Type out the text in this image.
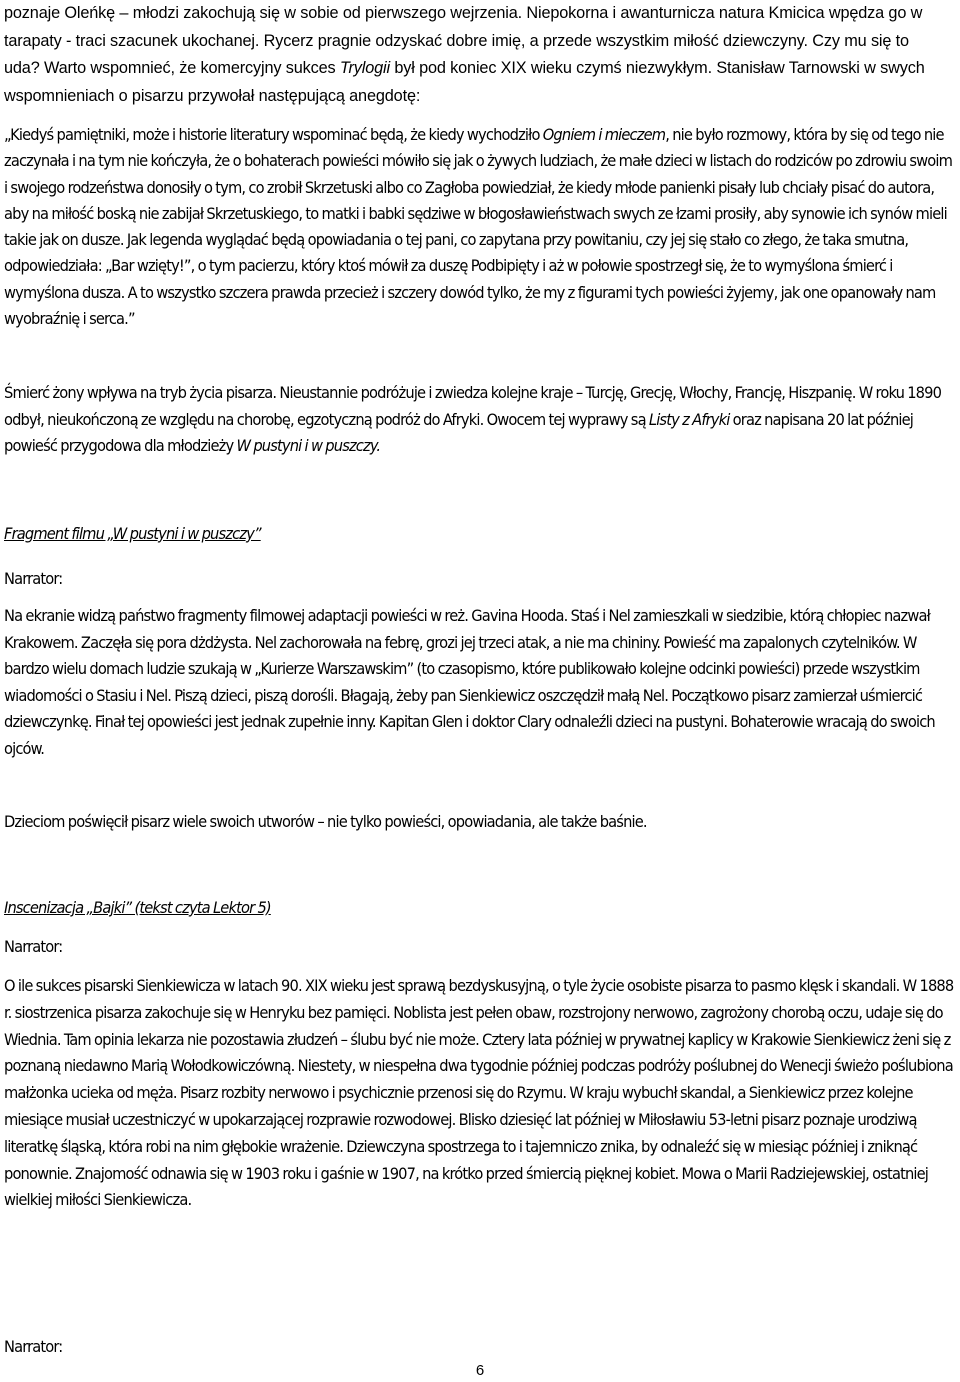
poznaje Oleńkę – młodzi zakochują się w sobie od pierwszego wejrzenia. Niepokorna i awanturnicza natura Kmicica wpędza go w tarapaty - traci szacunek ukochanej. Rycerz pragnie odzyskać dobre imię, a przede wszystkim miłość dziewczyny. Czy mu się to uda? Warto wspomnieć, że komercyjny sukces Trylogii był pod koniec XIX wieku czymś niezwykłym. Stanisław Tarnowski w swych wspomnieniach o pisarzu przywołał następującą anegdotę:

„Kiedyś pamiętniki, może i historie literatury wspominać będą, że kiedy wychodziło Ogniem i mieczem, nie było rozmowy, która by się od tego nie zaczynała i na tym nie kończyła, że o bohaterach powieści mówiło się jak o żywych ludziach, że małe dzieci w listach do rodziców po zdrowiu swoim i swojego rodzeństwa donosiły o tym, co zrobił Skrzetuski albo co Zagłoba powiedział, że kiedy młode panienki pisały lub chciały pisać do autora, aby na miłość boską nie zabijał Skrzetuskiego, to matki i babki sędziwe w błogosławieństwach swych ze łzami prosiły, aby synowie ich synów mieli takie jak on dusze. Jak legenda wyglądać będą opowiadania o tej pani, co zapytana przy powitaniu, czy jej się stało co złego, że taka smutna, odpowiedziała: „Bar wzięty!”, o tym pacierzu, który ktoś mówił za duszę Podbipięty i aż w połowie spostrzegł się, że to wymyślona śmierć i wymyślona dusza. A to wszystko szczera prawda przecież i szczery dowód tylko, że my z figurami tych powieści żyjemy, jak one opanowały nam wyobraźnię i serca.”

Śmierć żony wpływa na tryb życia pisarza. Nieustannie podróżuje i zwiedza kolejne kraje – Turcję, Grecję, Włochy, Francję, Hiszpanię. W roku 1890 odbył, nieukończoną ze względu na chorobę, egzotyczną podróż do Afryki. Owocem tej wyprawy są Listy z Afryki oraz napisana 20 lat później powieść przygodowa dla młodzieży W pustyni i w puszczy.

Fragment filmu „W pustyni i w puszczy”

Narrator:

Na ekranie widzą państwo fragmenty filmowej adaptacji powieści w reż. Gavina Hooda. Staś i Nel zamieszkali w siedzibie, którą chłopiec nazwał Krakowem. Zaczęła się pora dżdżysta. Nel zachorowała na febrę, grozi jej trzeci atak, a nie ma chininy. Powieść ma zapalonych czytelników. W bardzo wielu domach ludzie szukają w „Kurierze Warszawskim” (to czasopismo, które publikowało kolejne odcinki powieści) przede wszystkim wiadomości o Stasiu i Nel. Piszą dzieci, piszą dorośli. Błagają, żeby pan Sienkiewicz oszczędził małą Nel. Początkowo pisarz zamierzał uśmiercić dziewczynkę. Finał tej opowieści jest jednak zupełnie inny. Kapitan Glen i doktor Clary odnaleźli dzieci na pustyni. Bohaterowie wracają do swoich ojców.

Dzieciom poświęcił pisarz wiele swoich utworów – nie tylko powieści, opowiadania, ale także baśnie.

Inscenizacja „Bajki” (tekst czyta Lektor 5)

Narrator:

O ile sukces pisarski Sienkiewicza w latach 90. XIX wieku jest sprawą bezdyskusyjną, o tyle życie osobiste pisarza to pasmo klęsk i skandali. W 1888 r. siostrzenica pisarza zakochuje się w Henryku bez pamięci. Noblista jest pełen obaw, rozstrojony nerwowo, zagrożony chorobą oczu, udaje się do Wiednia. Tam opinia lekarza nie pozostawia złudzeń – ślubu być nie może. Cztery lata później w prywatnej kaplicy w Krakowie Sienkiewicz żeni się z poznaną niedawno Marią Wołodkowiczówną. Niestety, w niespełna dwa tygodnie później podczas podróży poślubnej do Wenecji świeżo poślubiona małżonka ucieka od męża. Pisarz rozbity nerwowo i psychicznie przenosi się do Rzymu. W kraju wybuchł skandal, a Sienkiewicz przez kolejne miesiące musiał uczestniczyć w upokarzającej rozprawie rozwodowej. Blisko dziesięć lat później w Miłosławiu 53-letni pisarz poznaje urodziwą literatkę śląską, która robi na nim głębokie wrażenie. Dziewczyna spostrzega to i tajemniczo znika, by odnaleźć się w miesiąc później i zniknąć ponownie. Znajomość odnawia się w 1903 roku i gaśnie w 1907, na krótko przed śmiercią pięknej kobiet. Mowa o Marii Radziejewskiej, ostatniej wielkiej miłości Sienkiewicza.

Narrator:

6
